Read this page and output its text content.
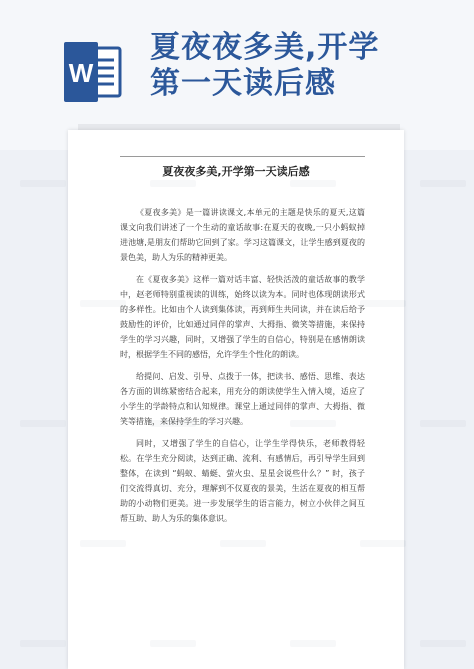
W
夏夜夜多美,开学
第一天读后感
夏夜夜多美,开学第一天读后感

《夏夜多美》是一篇讲读课文,本单元的主题是快乐的夏天,这篇课文向我们讲述了一个生动的童话故事:在夏天的夜晚,一只小蚂蚁掉进池塘,是朋友们帮助它回到了家。学习这篇课文，让学生感到夏夜的景色美，助人为乐的精神更美。

在《夏夜多美》这样一篇对话丰富、轻快活泼的童话故事的教学中，赵老师特别重视读的训练，始终以读为本。同时也体现朗读形式的多样性。比如由个人读到集体读，再到师生共同读，并在读后给予鼓励性的评价，比如通过同伴的掌声、大拇指、微笑等措施，来保持学生的学习兴趣，同时，又增强了学生的自信心，特别是在感情朗读时，根据学生不同的感悟，允许学生个性化的朗读。

给提问、启发、引导、点拨于一体，把读书、感悟、思维、表达各方面的训练紧密结合起来，用充分的朗读使学生入情入境，适应了小学生的学龄特点和认知规律。课堂上通过同伴的掌声、大拇指、微笑等措施，来保持学生的学习兴趣。

同时，又增强了学生的自信心，让学生学得快乐，老师教得轻松。在学生充分阅读，达到正确、流利、有感情后，再引导学生回到整体，在读到 “蚂蚁、蜻蜓、萤火虫、星星会说些什么？” 时，孩子们交流得真切、充分，理解到不仅夏夜的景美，生活在夏夜的相互帮助的小动物们更美。进一步发展学生的语言能力，树立小伙伴之间互帮互助、助人为乐的集体意识。
